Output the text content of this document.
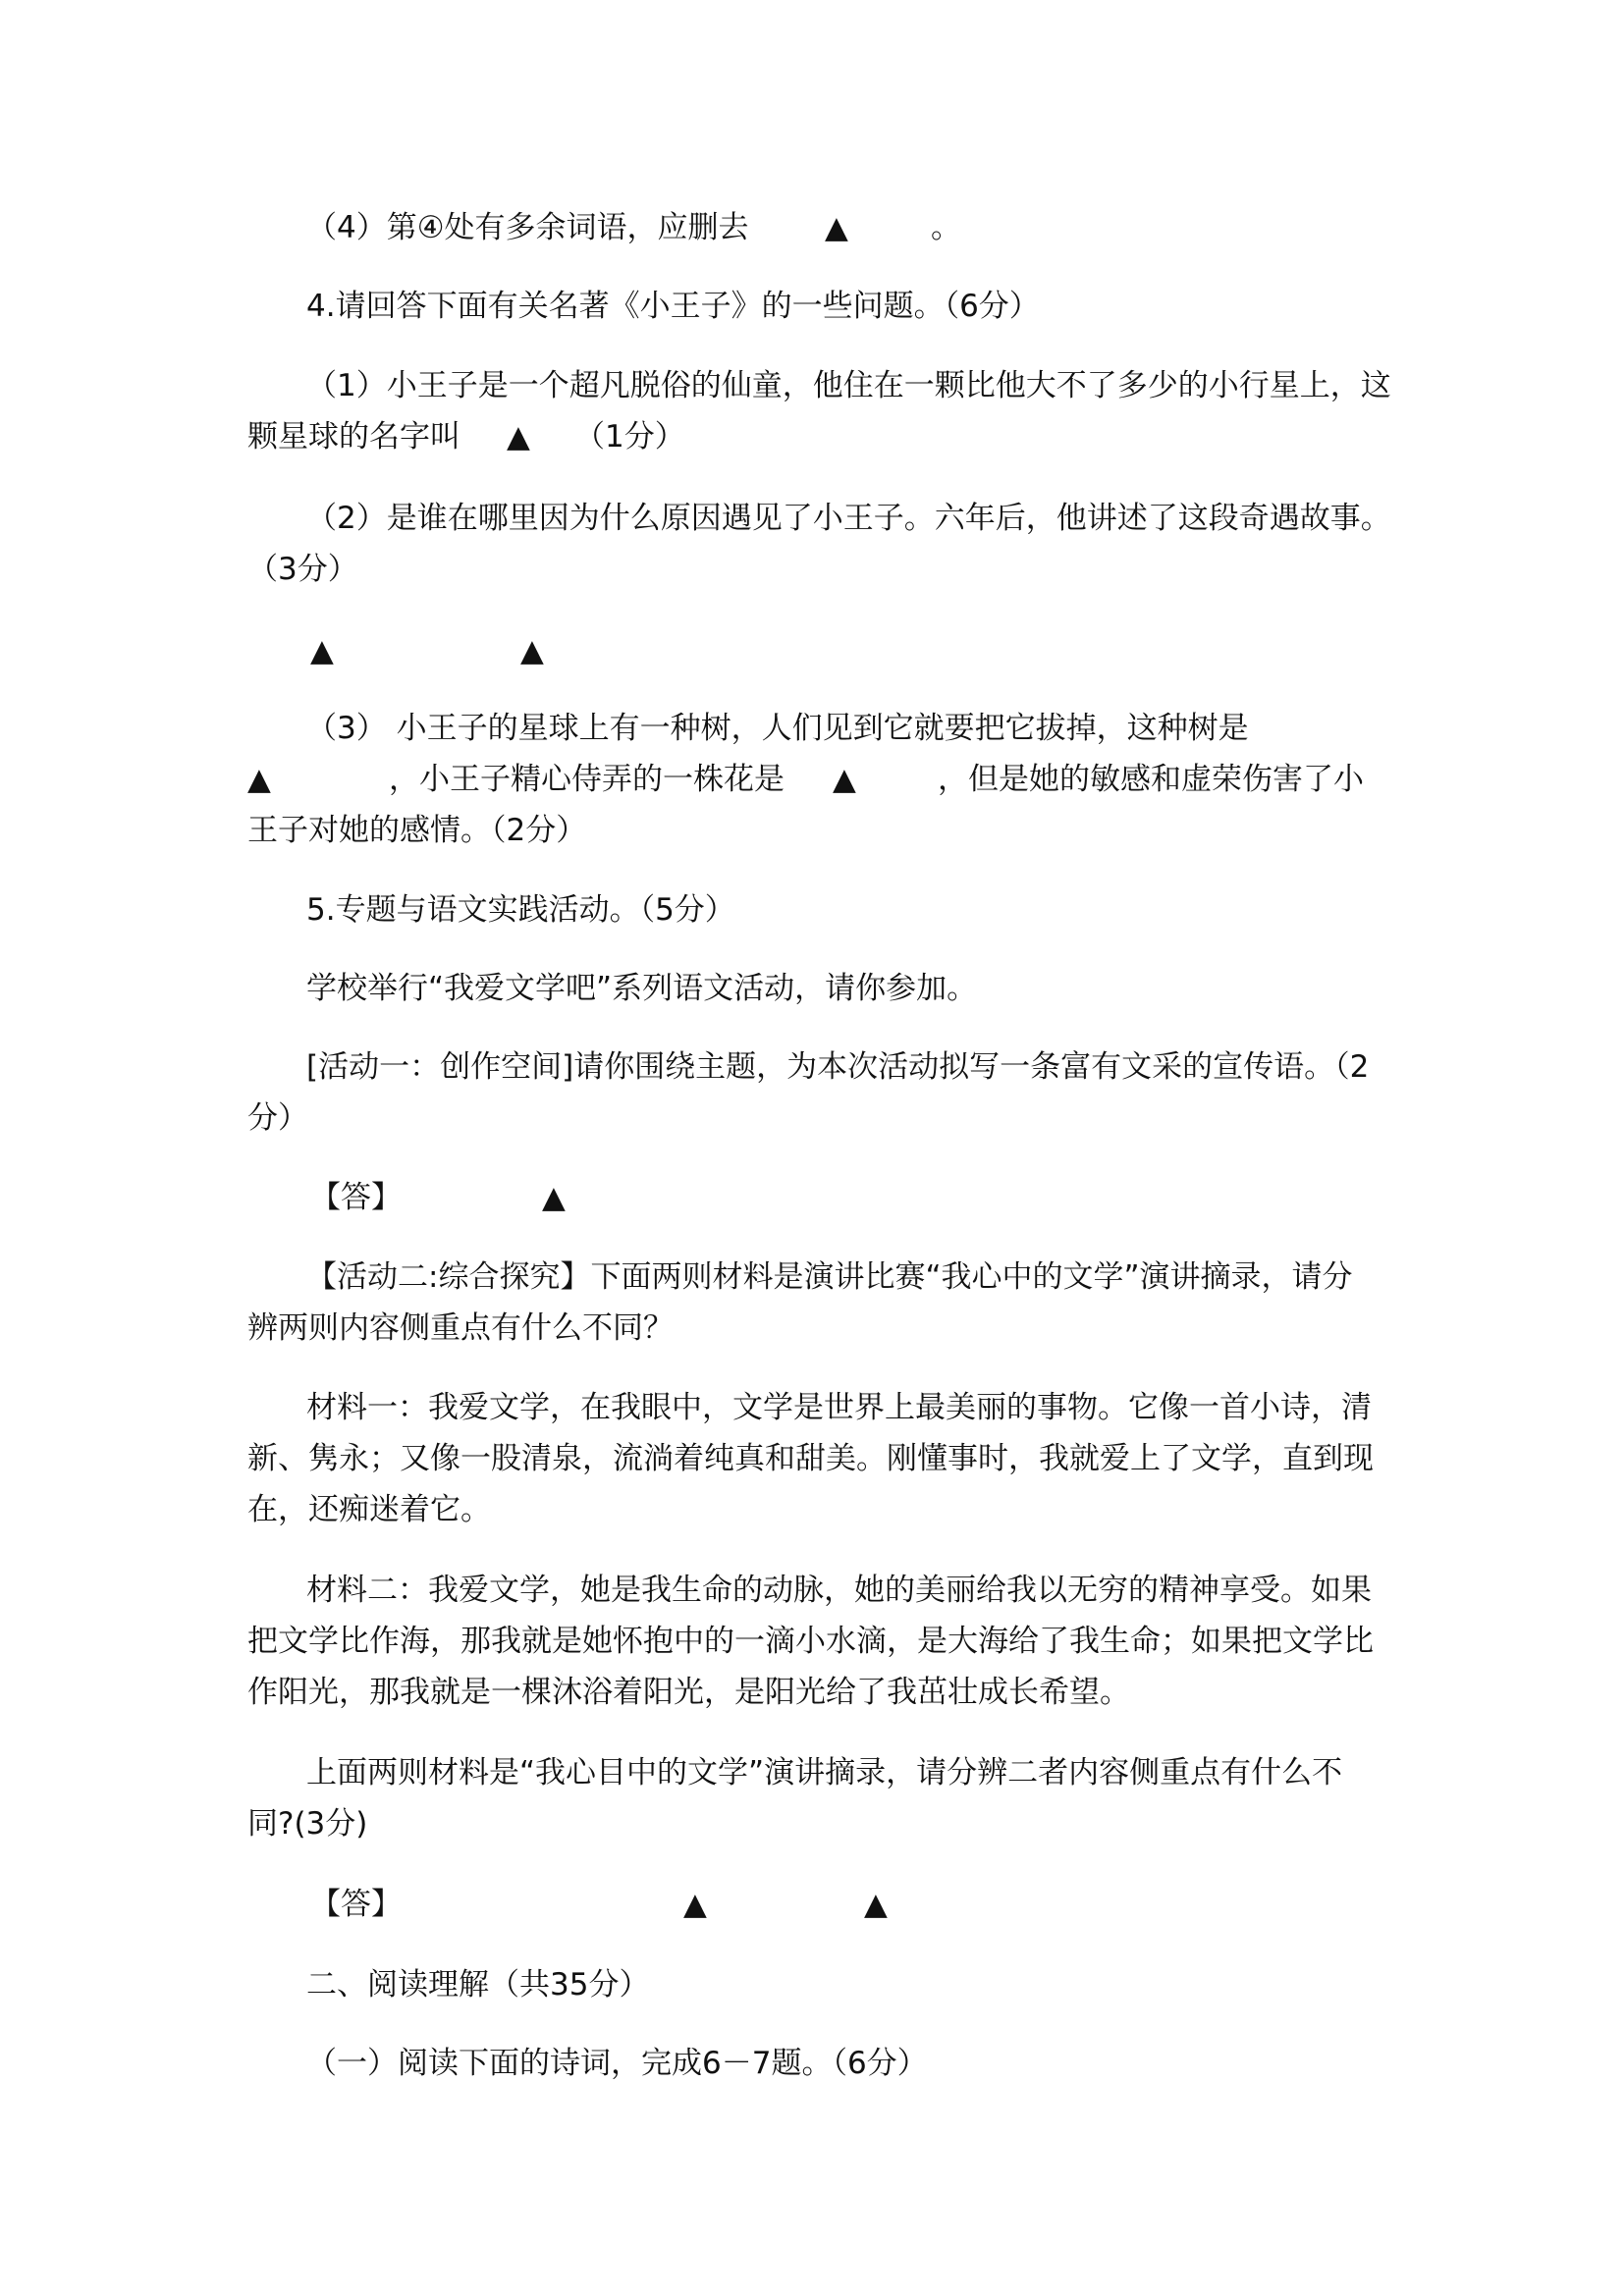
（4）第④处有多余词语，应删去 ▲	。
4.请回答下面有关名著《小王子》的一些问题。（6分）
（1）小王子是一个超凡脱俗的仙童，他住在一颗比他大不了多少的小行星上，这
颗星球的名字叫 ▲ （1分）
（2）是谁在哪里因为什么原因遇见了小王子。六年后，他讲述了这段奇遇故事。
（3分）
▲	▲
（3） 小王子的星球上有一种树，人们见到它就要把它拔掉，这种树是
▲	，小王子精心侍弄的一株花是 ▲	，但是她的敏感和虚荣伤害了小
王子对她的感情。（2分）
5.专题与语文实践活动。（5分）
学校举行“我爱文学吧”系列语文活动，请你参加。
[活动一：创作空间]请你围绕主题，为本次活动拟写一条富有文采的宣传语。（2
分）
【答】	▲
【活动二:综合探究】下面两则材料是演讲比赛“我心中的文学”演讲摘录，请分
辨两则内容侧重点有什么不同？
材料一：我爱文学，在我眼中，文学是世界上最美丽的事物。它像一首小诗，清
新、隽永；又像一股清泉，流淌着纯真和甜美。刚懂事时，我就爱上了文学，直到现
在，还痴迷着它。
材料二：我爱文学，她是我生命的动脉，她的美丽给我以无穷的精神享受。如果
把文学比作海，那我就是她怀抱中的一滴小水滴，是大海给了我生命；如果把文学比
作阳光，那我就是一棵沐浴着阳光，是阳光给了我茁壮成长希望。
上面两则材料是“我心目中的文学”演讲摘录，请分辨二者内容侧重点有什么不
同?(3分)
【答】	▲	▲
二、阅读理解（共35分）
（一）阅读下面的诗词，完成6－7题。（6分）
